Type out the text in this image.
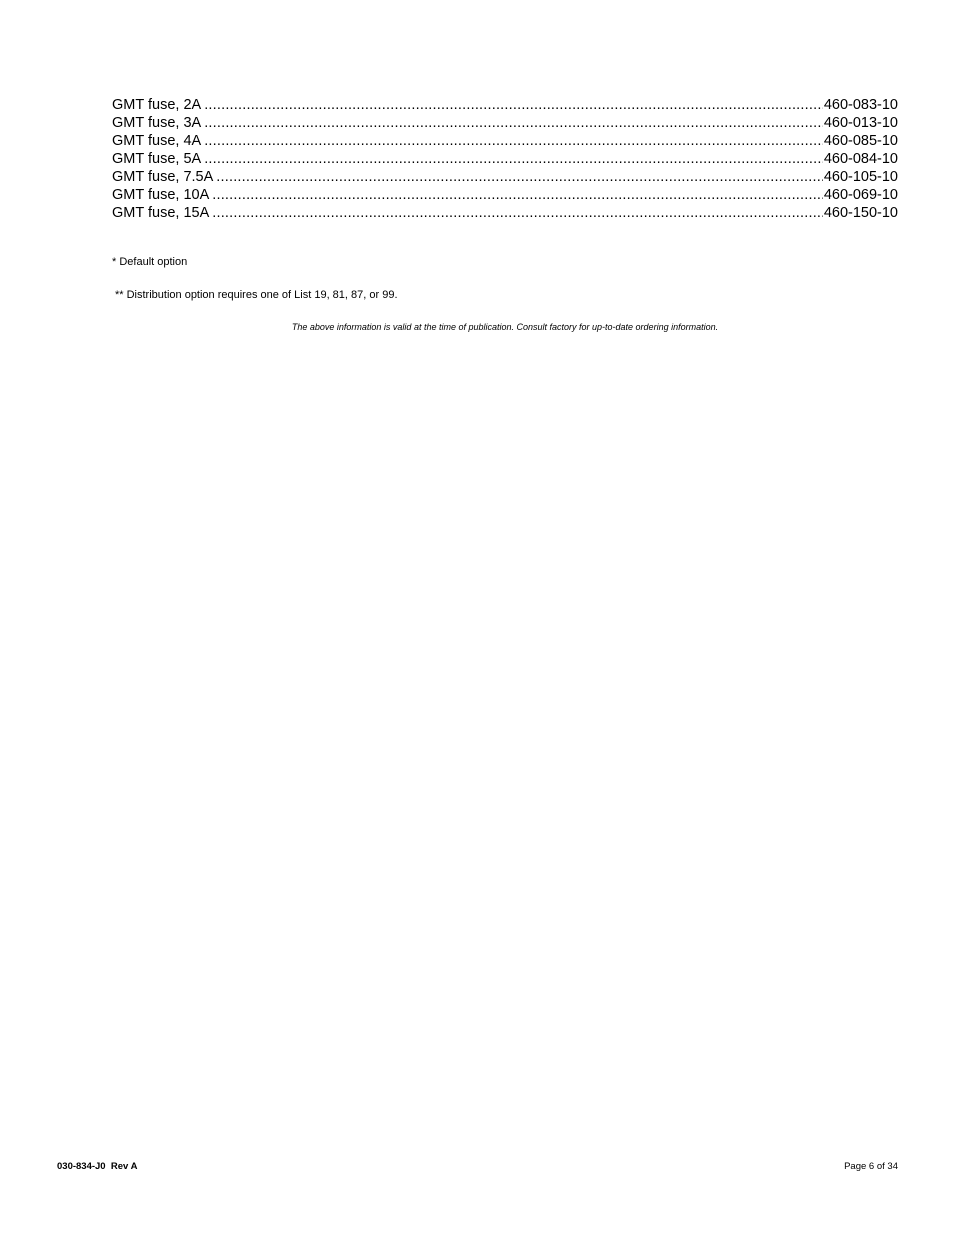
GMT fuse, 2A .....	460-083-10
GMT fuse, 3A .....	460-013-10
GMT fuse, 4A .....	460-085-10
GMT fuse, 5A .....	460-084-10
GMT fuse, 7.5A .....	460-105-10
GMT fuse, 10A .....	460-069-10
GMT fuse, 15A .....	460-150-10
* Default option
** Distribution option requires one of List 19, 81, 87, or 99.
The above information is valid at the time of publication. Consult factory for up-to-date ordering information.
030-834-J0  Rev A	Page 6 of 34
